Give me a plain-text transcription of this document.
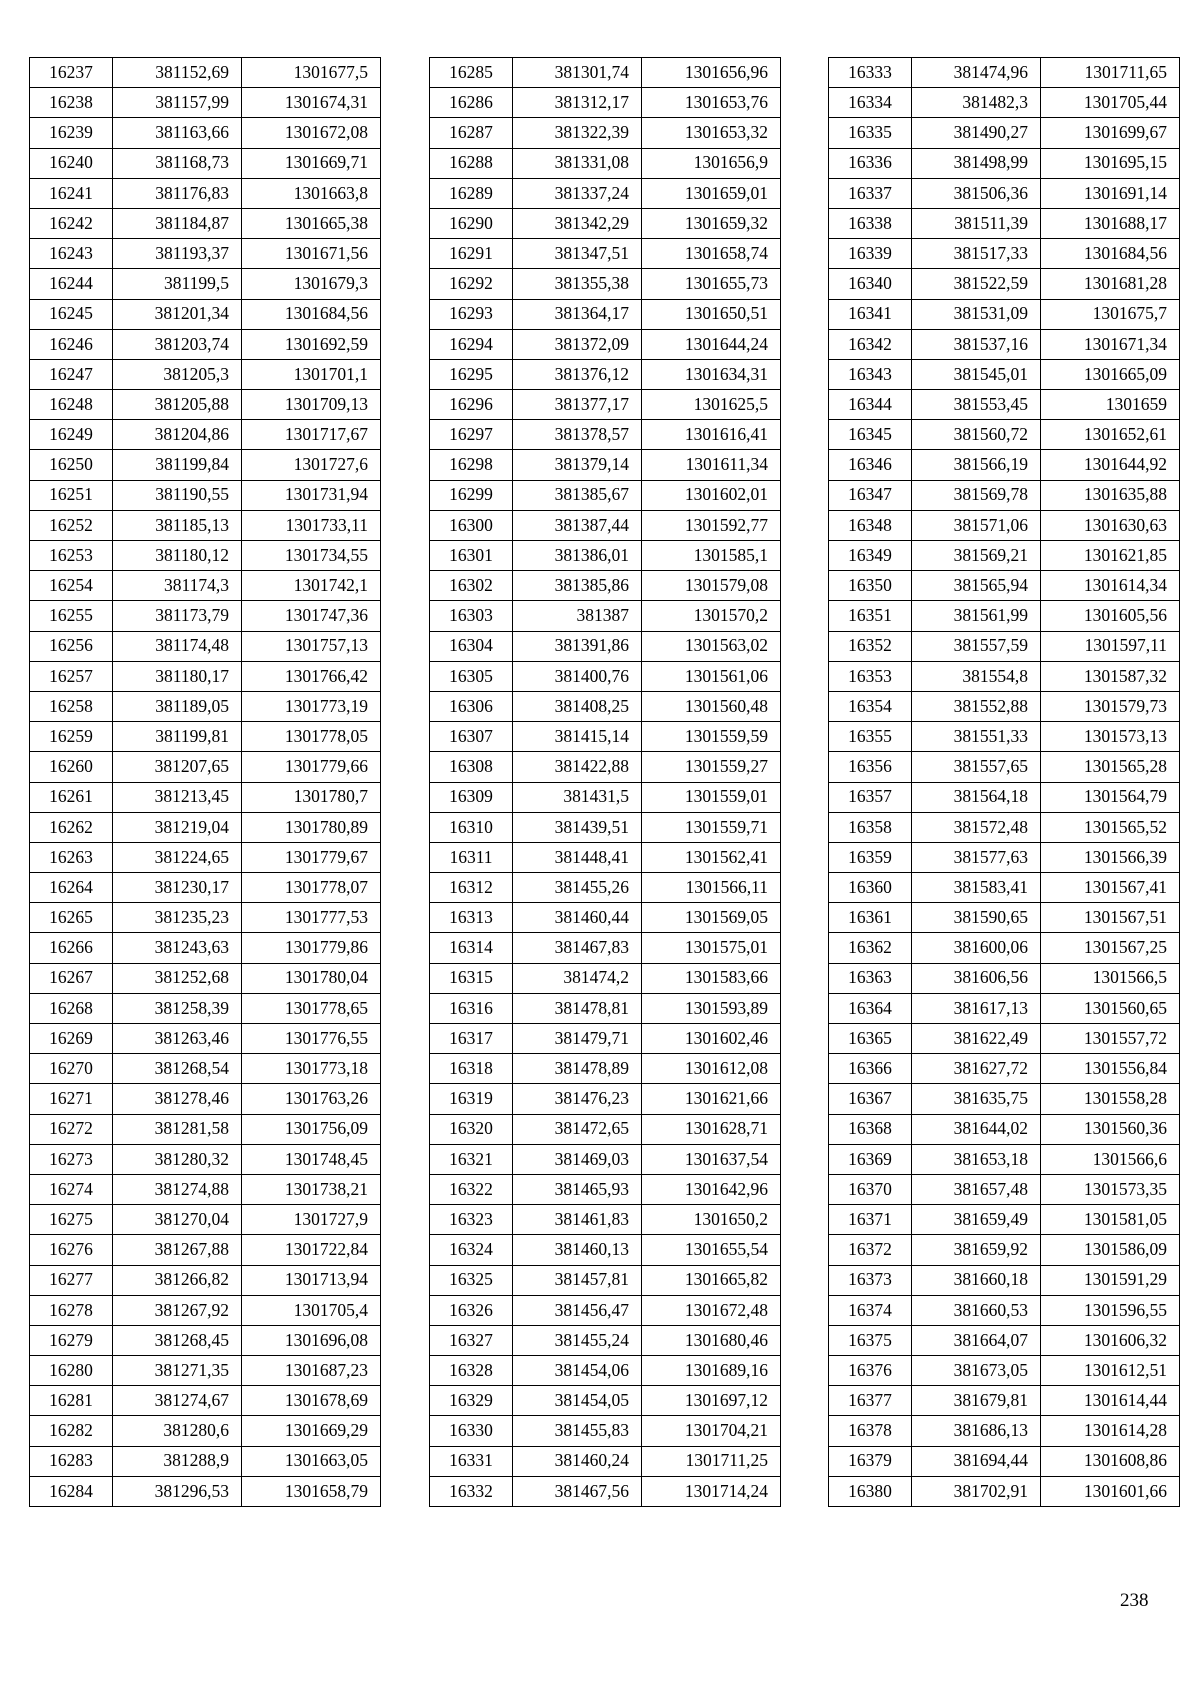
16237	381152,69	1301677,5
16238	381157,99	1301674,31
16239	381163,66	1301672,08
16240	381168,73	1301669,71
16241	381176,83	1301663,8
16242	381184,87	1301665,38
16243	381193,37	1301671,56
16244	381199,5	1301679,3
16245	381201,34	1301684,56
16246	381203,74	1301692,59
16247	381205,3	1301701,1
16248	381205,88	1301709,13
16249	381204,86	1301717,67
16250	381199,84	1301727,6
16251	381190,55	1301731,94
16252	381185,13	1301733,11
16253	381180,12	1301734,55
16254	381174,3	1301742,1
16255	381173,79	1301747,36
16256	381174,48	1301757,13
16257	381180,17	1301766,42
16258	381189,05	1301773,19
16259	381199,81	1301778,05
16260	381207,65	1301779,66
16261	381213,45	1301780,7
16262	381219,04	1301780,89
16263	381224,65	1301779,67
16264	381230,17	1301778,07
16265	381235,23	1301777,53
16266	381243,63	1301779,86
16267	381252,68	1301780,04
16268	381258,39	1301778,65
16269	381263,46	1301776,55
16270	381268,54	1301773,18
16271	381278,46	1301763,26
16272	381281,58	1301756,09
16273	381280,32	1301748,45
16274	381274,88	1301738,21
16275	381270,04	1301727,9
16276	381267,88	1301722,84
16277	381266,82	1301713,94
16278	381267,92	1301705,4
16279	381268,45	1301696,08
16280	381271,35	1301687,23
16281	381274,67	1301678,69
16282	381280,6	1301669,29
16283	381288,9	1301663,05
16284	381296,53	1301658,79
16285	381301,74	1301656,96
16286	381312,17	1301653,76
16287	381322,39	1301653,32
16288	381331,08	1301656,9
16289	381337,24	1301659,01
16290	381342,29	1301659,32
16291	381347,51	1301658,74
16292	381355,38	1301655,73
16293	381364,17	1301650,51
16294	381372,09	1301644,24
16295	381376,12	1301634,31
16296	381377,17	1301625,5
16297	381378,57	1301616,41
16298	381379,14	1301611,34
16299	381385,67	1301602,01
16300	381387,44	1301592,77
16301	381386,01	1301585,1
16302	381385,86	1301579,08
16303	381387	1301570,2
16304	381391,86	1301563,02
16305	381400,76	1301561,06
16306	381408,25	1301560,48
16307	381415,14	1301559,59
16308	381422,88	1301559,27
16309	381431,5	1301559,01
16310	381439,51	1301559,71
16311	381448,41	1301562,41
16312	381455,26	1301566,11
16313	381460,44	1301569,05
16314	381467,83	1301575,01
16315	381474,2	1301583,66
16316	381478,81	1301593,89
16317	381479,71	1301602,46
16318	381478,89	1301612,08
16319	381476,23	1301621,66
16320	381472,65	1301628,71
16321	381469,03	1301637,54
16322	381465,93	1301642,96
16323	381461,83	1301650,2
16324	381460,13	1301655,54
16325	381457,81	1301665,82
16326	381456,47	1301672,48
16327	381455,24	1301680,46
16328	381454,06	1301689,16
16329	381454,05	1301697,12
16330	381455,83	1301704,21
16331	381460,24	1301711,25
16332	381467,56	1301714,24
16333	381474,96	1301711,65
16334	381482,3	1301705,44
16335	381490,27	1301699,67
16336	381498,99	1301695,15
16337	381506,36	1301691,14
16338	381511,39	1301688,17
16339	381517,33	1301684,56
16340	381522,59	1301681,28
16341	381531,09	1301675,7
16342	381537,16	1301671,34
16343	381545,01	1301665,09
16344	381553,45	1301659
16345	381560,72	1301652,61
16346	381566,19	1301644,92
16347	381569,78	1301635,88
16348	381571,06	1301630,63
16349	381569,21	1301621,85
16350	381565,94	1301614,34
16351	381561,99	1301605,56
16352	381557,59	1301597,11
16353	381554,8	1301587,32
16354	381552,88	1301579,73
16355	381551,33	1301573,13
16356	381557,65	1301565,28
16357	381564,18	1301564,79
16358	381572,48	1301565,52
16359	381577,63	1301566,39
16360	381583,41	1301567,41
16361	381590,65	1301567,51
16362	381600,06	1301567,25
16363	381606,56	1301566,5
16364	381617,13	1301560,65
16365	381622,49	1301557,72
16366	381627,72	1301556,84
16367	381635,75	1301558,28
16368	381644,02	1301560,36
16369	381653,18	1301566,6
16370	381657,48	1301573,35
16371	381659,49	1301581,05
16372	381659,92	1301586,09
16373	381660,18	1301591,29
16374	381660,53	1301596,55
16375	381664,07	1301606,32
16376	381673,05	1301612,51
16377	381679,81	1301614,44
16378	381686,13	1301614,28
16379	381694,44	1301608,86
16380	381702,91	1301601,66
238
